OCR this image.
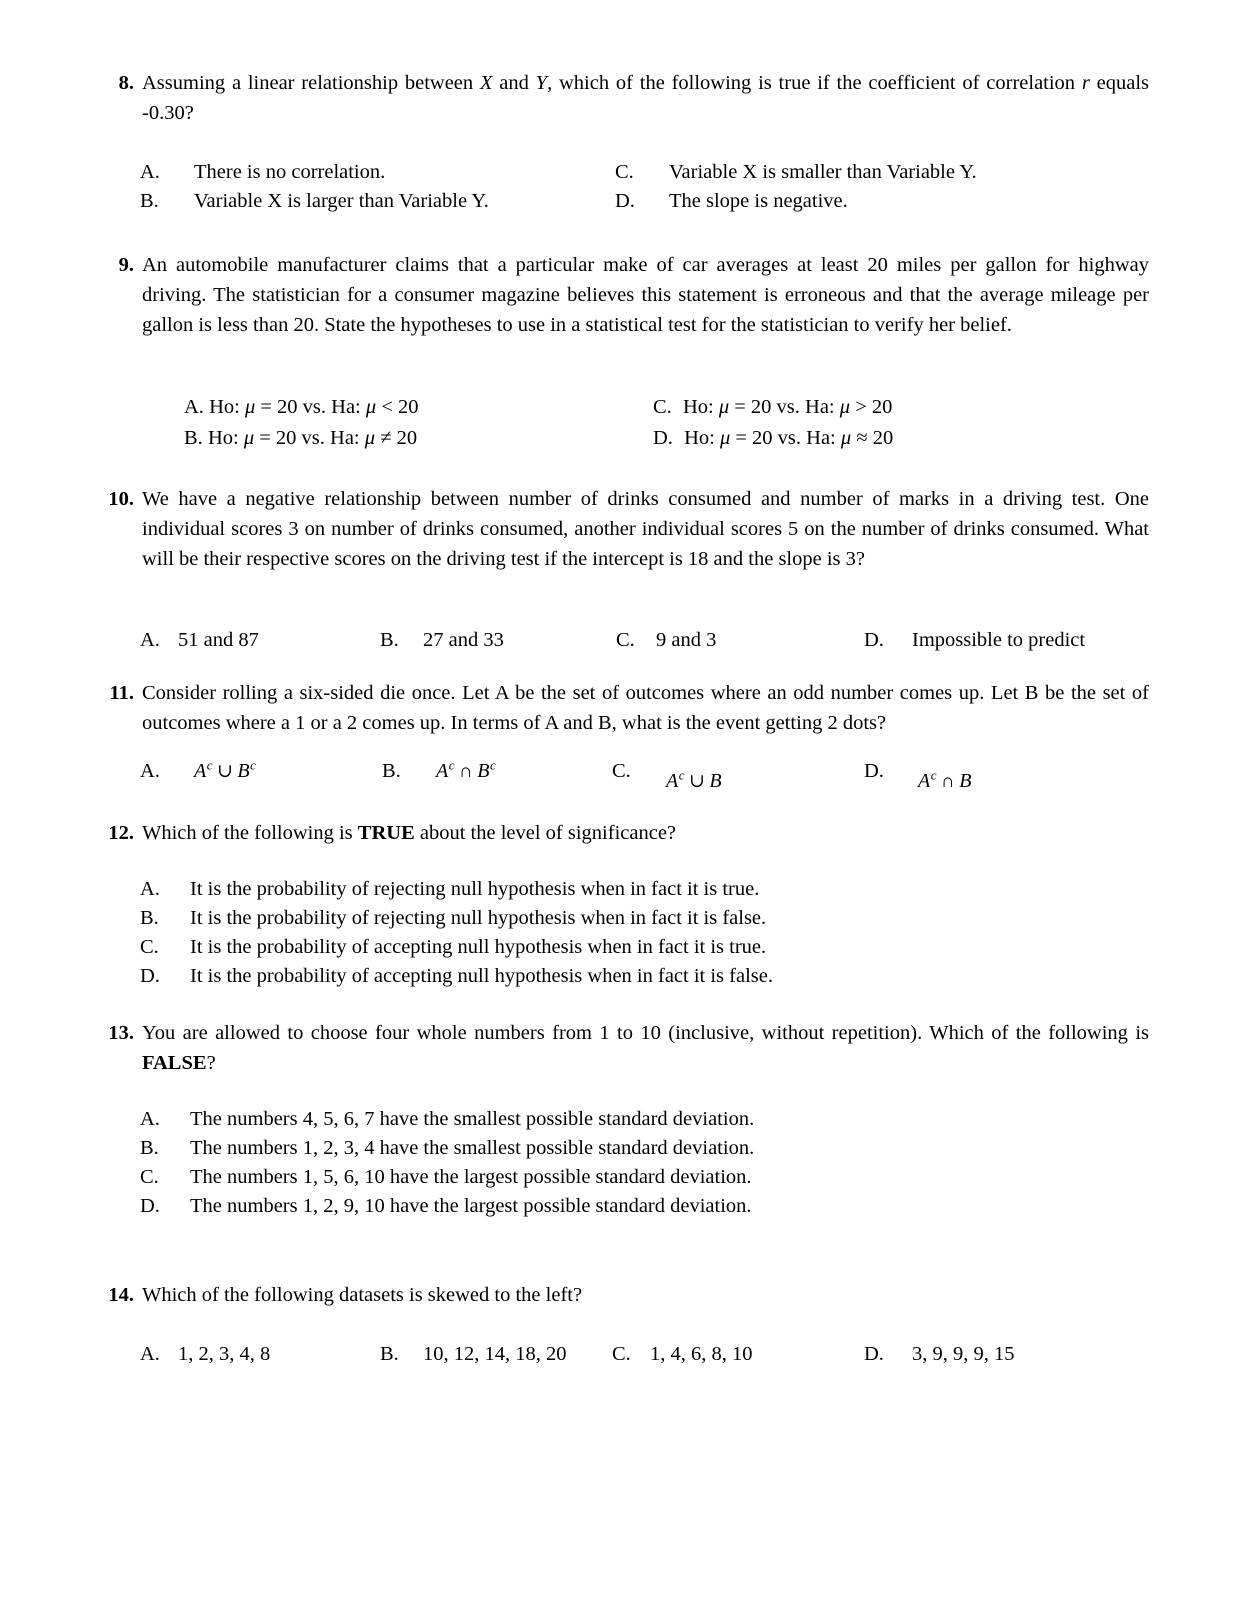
8. Assuming a linear relationship between X and Y, which of the following is true if the coefficient of correlation r equals -0.30?
A. There is no correlation.	C. Variable X is smaller than Variable Y.
B. Variable X is larger than Variable Y.	D. The slope is negative.
9. An automobile manufacturer claims that a particular make of car averages at least 20 miles per gallon for highway driving. The statistician for a consumer magazine believes this statement is erroneous and that the average mileage per gallon is less than 20. State the hypotheses to use in a statistical test for the statistician to verify her belief.
A. Ho: μ = 20 vs. Ha: μ < 20	C. Ho: μ = 20 vs. Ha: μ > 20
B. Ho: μ = 20 vs. Ha: μ ≠ 20	D. Ho: μ = 20 vs. Ha: μ ≈ 20
10. We have a negative relationship between number of drinks consumed and number of marks in a driving test. One individual scores 3 on number of drinks consumed, another individual scores 5 on the number of drinks consumed. What will be their respective scores on the driving test if the intercept is 18 and the slope is 3?
A. 51 and 87	B. 27 and 33	C. 9 and 3	D. Impossible to predict
11. Consider rolling a six-sided die once. Let A be the set of outcomes where an odd number comes up. Let B be the set of outcomes where a 1 or a 2 comes up. In terms of A and B, what is the event getting 2 dots?
A. $A^c$ ∪ $B^c$	B. $A^c$ ∩ $B^c$	C. $A^c$ ∪ B	D. $A^c$ ∩ B
12. Which of the following is TRUE about the level of significance?
A. It is the probability of rejecting null hypothesis when in fact it is true.
B. It is the probability of rejecting null hypothesis when in fact it is false.
C. It is the probability of accepting null hypothesis when in fact it is true.
D. It is the probability of accepting null hypothesis when in fact it is false.
13. You are allowed to choose four whole numbers from 1 to 10 (inclusive, without repetition). Which of the following is FALSE?
A. The numbers 4, 5, 6, 7 have the smallest possible standard deviation.
B. The numbers 1, 2, 3, 4 have the smallest possible standard deviation.
C. The numbers 1, 5, 6, 10 have the largest possible standard deviation.
D. The numbers 1, 2, 9, 10 have the largest possible standard deviation.
14. Which of the following datasets is skewed to the left?
A. 1, 2, 3, 4, 8	B. 10, 12, 14, 18, 20 C. 1, 4, 6, 8, 10	D. 3, 9, 9, 9, 15
